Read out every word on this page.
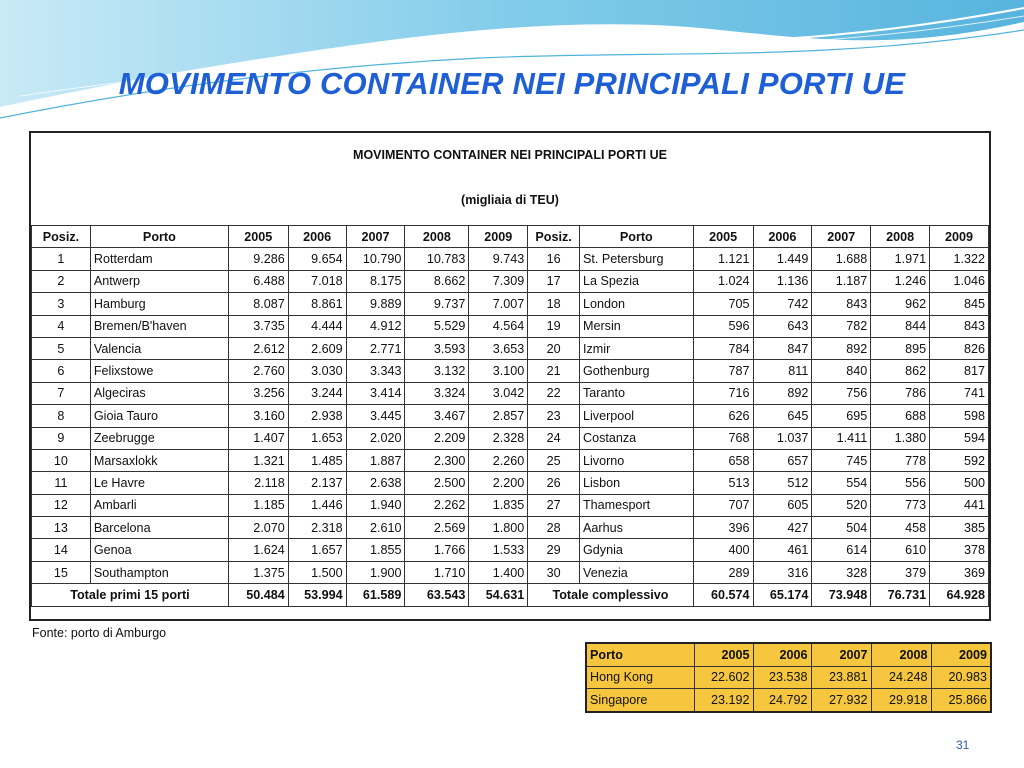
MOVIMENTO CONTAINER NEI PRINCIPALI PORTI UE
MOVIMENTO CONTAINER NEI PRINCIPALI PORTI UE
(migliaia di TEU)
Posiz.	Porto	2005	2006	2007	2008	2009	Posiz.	Porto	2005	2006	2007	2008	2009
1	Rotterdam	9.286	9.654	10.790	10.783	9.743	16	St. Petersburg	1.121	1.449	1.688	1.971	1.322
2	Antwerp	6.488	7.018	8.175	8.662	7.309	17	La Spezia	1.024	1.136	1.187	1.246	1.046
3	Hamburg	8.087	8.861	9.889	9.737	7.007	18	London	705	742	843	962	845
4	Bremen/B'haven	3.735	4.444	4.912	5.529	4.564	19	Mersin	596	643	782	844	843
5	Valencia	2.612	2.609	2.771	3.593	3.653	20	Izmir	784	847	892	895	826
6	Felixstowe	2.760	3.030	3.343	3.132	3.100	21	Gothenburg	787	811	840	862	817
7	Algeciras	3.256	3.244	3.414	3.324	3.042	22	Taranto	716	892	756	786	741
8	Gioia Tauro	3.160	2.938	3.445	3.467	2.857	23	Liverpool	626	645	695	688	598
9	Zeebrugge	1.407	1.653	2.020	2.209	2.328	24	Costanza	768	1.037	1.411	1.380	594
10	Marsaxlokk	1.321	1.485	1.887	2.300	2.260	25	Livorno	658	657	745	778	592
11	Le Havre	2.118	2.137	2.638	2.500	2.200	26	Lisbon	513	512	554	556	500
12	Ambarli	1.185	1.446	1.940	2.262	1.835	27	Thamesport	707	605	520	773	441
13	Barcelona	2.070	2.318	2.610	2.569	1.800	28	Aarhus	396	427	504	458	385
14	Genoa	1.624	1.657	1.855	1.766	1.533	29	Gdynia	400	461	614	610	378
15	Southampton	1.375	1.500	1.900	1.710	1.400	30	Venezia	289	316	328	379	369
Totale primi 15 porti		50.484	53.994	61.589	63.543	54.631	Totale complessivo		60.574	65.174	73.948	76.731	64.928
Fonte: porto di Amburgo
Porto	2005	2006	2007	2008	2009
Hong Kong	22.602	23.538	23.881	24.248	20.983
Singapore	23.192	24.792	27.932	29.918	25.866
31
